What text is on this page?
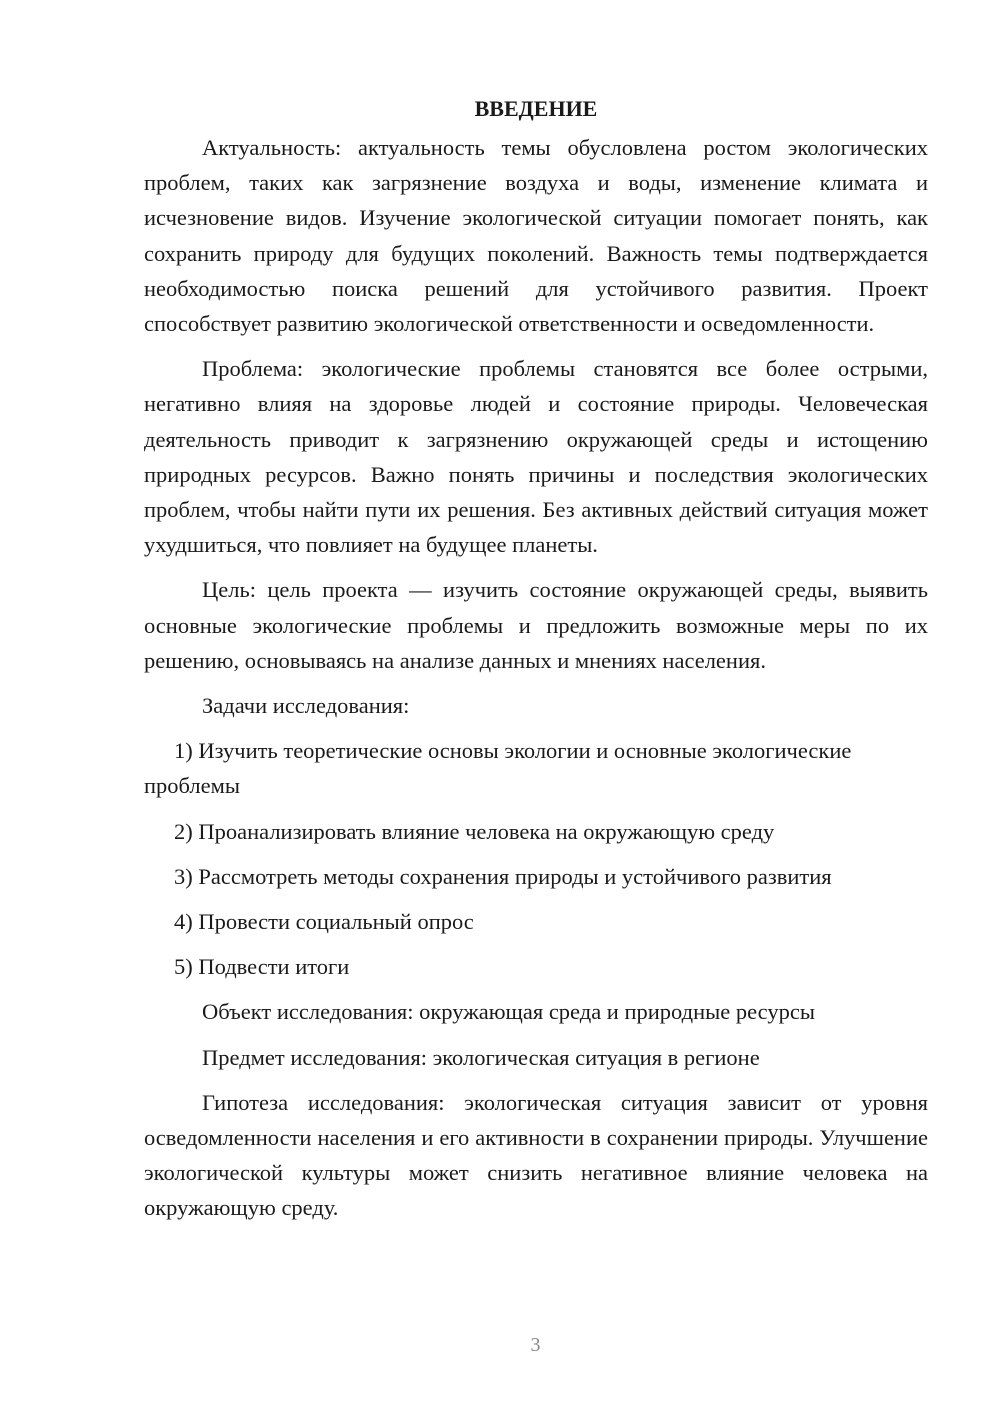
ВВЕДЕНИЕ

Актуальность: актуальность темы обусловлена ростом экологических проблем, таких как загрязнение воздуха и воды, изменение климата и исчезновение видов. Изучение экологической ситуации помогает понять, как сохранить природу для будущих поколений. Важность темы подтверждается необходимостью поиска решений для устойчивого развития. Проект способствует развитию экологической ответственности и осведомленности.

Проблема: экологические проблемы становятся все более острыми, негативно влияя на здоровье людей и состояние природы. Человеческая деятельность приводит к загрязнению окружающей среды и истощению природных ресурсов. Важно понять причины и последствия экологических проблем, чтобы найти пути их решения. Без активных действий ситуация может ухудшиться, что повлияет на будущее планеты.

Цель: цель проекта — изучить состояние окружающей среды, выявить основные экологические проблемы и предложить возможные меры по их решению, основываясь на анализе данных и мнениях населения.

Задачи исследования:

1) Изучить теоретические основы экологии и основные экологические проблемы

2) Проанализировать влияние человека на окружающую среду

3) Рассмотреть методы сохранения природы и устойчивого развития

4) Провести социальный опрос

5) Подвести итоги

Объект исследования: окружающая среда и природные ресурсы

Предмет исследования: экологическая ситуация в регионе

Гипотеза исследования: экологическая ситуация зависит от уровня осведомленности населения и его активности в сохранении природы. Улучшение экологической культуры может снизить негативное влияние человека на окружающую среду.

3
